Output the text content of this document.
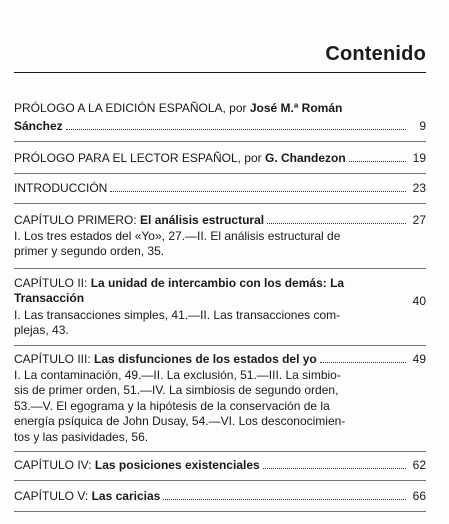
Contenido
PRÓLOGO A LA EDICIÓN ESPAÑOLA, por José M.ª Román
Sánchez	9
PRÓLOGO PARA EL LECTOR ESPAÑOL, por
G. Chandezon	19
INTRODUCCIÓN	23
CAPÍTULO PRIMERO:
El análisis estructural	27
I. Los tres estados del «Yo», 27.—II. El análisis estructural de
primer y segundo orden, 35.
CAPÍTULO II: La unidad de intercambio con los demás: La
Transacción	40
I. Las transacciones simples, 41.—II. Las transacciones com-
plejas, 43.
CAPÍTULO III:
Las disfunciones de los estados del yo	49
I. La contaminación, 49.—II. La exclusión, 51.—III. La simbio-
sis de primer orden, 51.—IV. La simbiosis de segundo orden,
53.—V. El egograma y la hipótesis de la conservación de la
energía psíquica de John Dusay, 54.—VI. Los desconocimien-
tos y las pasividades, 56.
CAPÍTULO IV:
Las posiciones existenciales	62
CAPÍTULO V:
Las caricias	66
